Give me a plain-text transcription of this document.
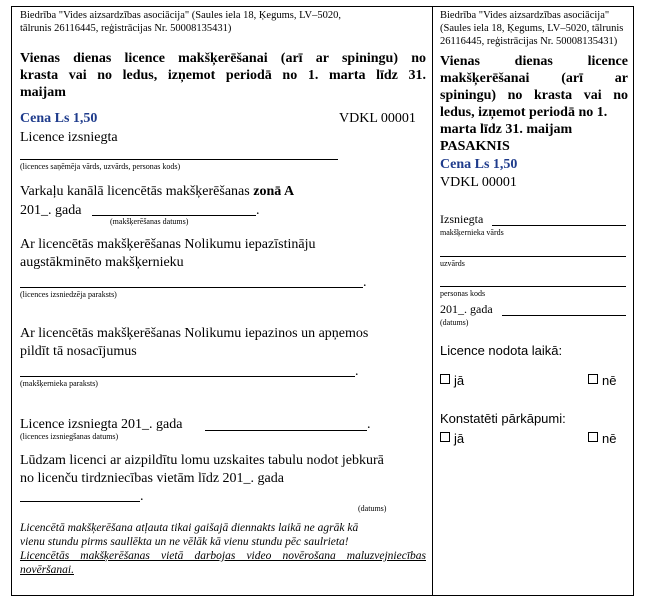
Biedrība "Vides aizsardzības asociācija" (Saules iela 18, Ķegums, LV–5020,
tālrunis 26116445, reģistrācijas Nr. 50008135431)
Vienas dienas licence makšķerēšanai (arī ar spiningu) no
krasta vai no ledus, izņemot periodā no 1. marta līdz 31.
maijam
Cena Ls 1,50	VDKL 00001
Licence izsniegta
(licences saņēmēja vārds, uzvārds, personas kods)
Varkaļu kanālā licencētās makšķerēšanas zonā A
201_. gada	.
(makšķerēšanas datums)
Ar licencētās makšķerēšanas Nolikumu iepazīstināju
augstākminēto makšķernieku
.
(licences izsniedzēja paraksts)
Ar licencētās makšķerēšanas Nolikumu iepazinos un apņemos
pildīt tā nosacījumus
.
(makšķernieka paraksts)
Licence izsniegta 201_. gada	.
(licences izsniegšanas datums)
Lūdzam licenci ar aizpildītu lomu uzskaites tabulu nodot jebkurā
no licenču tirdzniecības vietām līdz 201_. gada
.
(datums)
Licencētā makšķerēšana atļauta tikai gaišajā diennakts laikā ne agrāk kā
vienu stundu pirms saullēkta un ne vēlāk kā vienu stundu pēc saulrieta!
Licencētās makšķerēšanas vietā darbojas video novērošana maluzvejniecības
novēršanai.
Biedrība "Vides aizsardzības asociācija"
(Saules iela 18, Ķegums, LV–5020, tālrunis
26116445, reģistrācijas Nr. 50008135431)
Vienas dienas licence
makšķerēšanai (arī ar
spiningu) no krasta vai no
ledus, izņemot periodā no 1.
marta līdz 31. maijam
PASAKNIS
Cena Ls 1,50
VDKL 00001
Izsniegta
makšķernieka vārds
uzvārds
personas kods
201_. gada
(datums)
Licence nodota laikā:
jā	nē
Konstatēti pārkāpumi:
jā	nē
